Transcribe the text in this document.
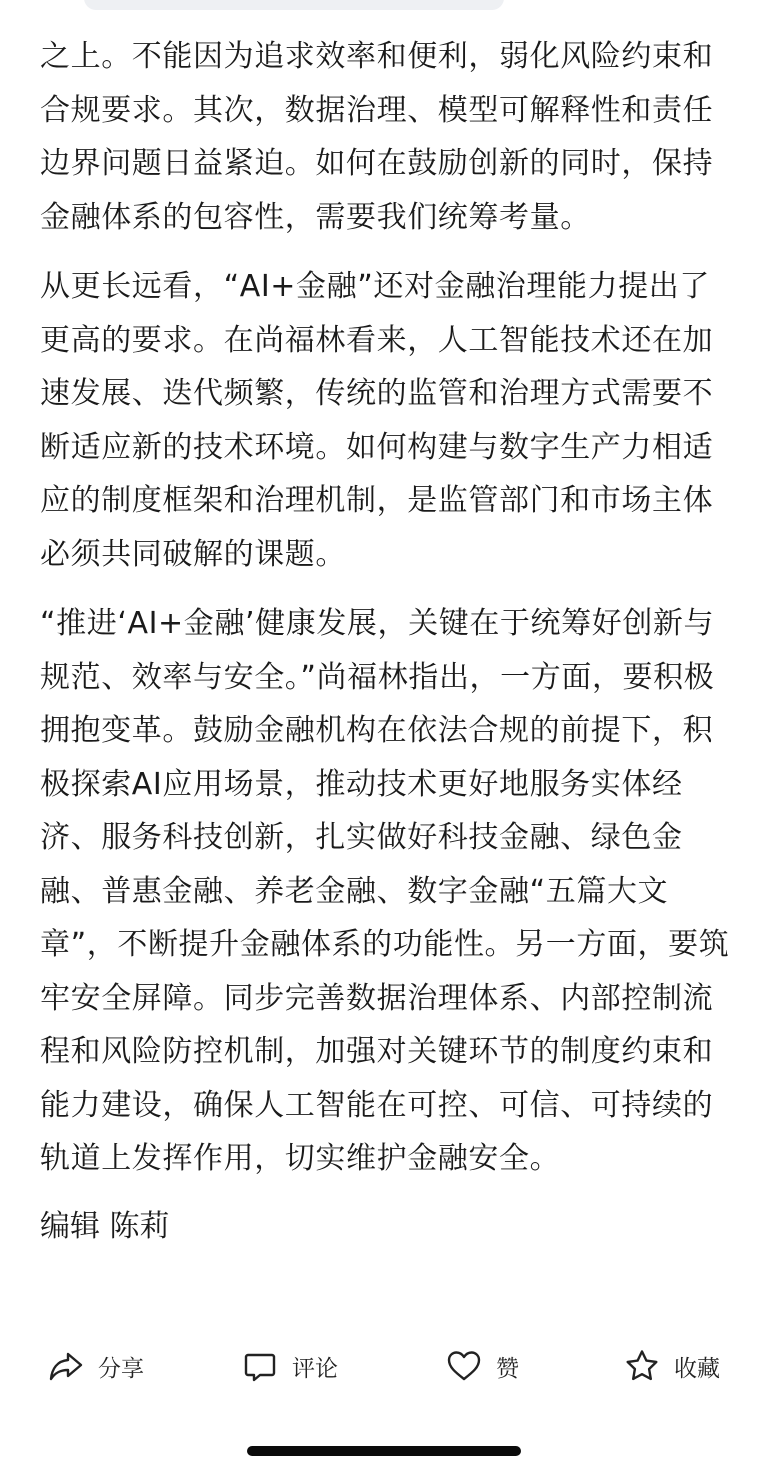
之上。不能因为追求效率和便利，弱化风险约束和合规要求。其次，数据治理、模型可解释性和责任边界问题日益紧迫。如何在鼓励创新的同时，保持金融体系的包容性，需要我们统筹考量。

从更长远看，“AI+金融”还对金融治理能力提出了更高的要求。在尚福林看来，人工智能技术还在加速发展、迭代频繁，传统的监管和治理方式需要不断适应新的技术环境。如何构建与数字生产力相适应的制度框架和治理机制，是监管部门和市场主体必须共同破解的课题。

“推进‘AI+金融’健康发展，关键在于统筹好创新与规范、效率与安全。”尚福林指出，一方面，要积极拥抱变革。鼓励金融机构在依法合规的前提下，积极探索AI应用场景，推动技术更好地服务实体经济、服务科技创新，扎实做好科技金融、绿色金融、普惠金融、养老金融、数字金融“五篇大文章”，不断提升金融体系的功能性。另一方面，要筑牢安全屏障。同步完善数据治理体系、内部控制流程和风险防控机制，加强对关键环节的制度约束和能力建设，确保人工智能在可控、可信、可持续的轨道上发挥作用，切实维护金融安全。

编辑 陈莉
分享	评论	赞	收藏
